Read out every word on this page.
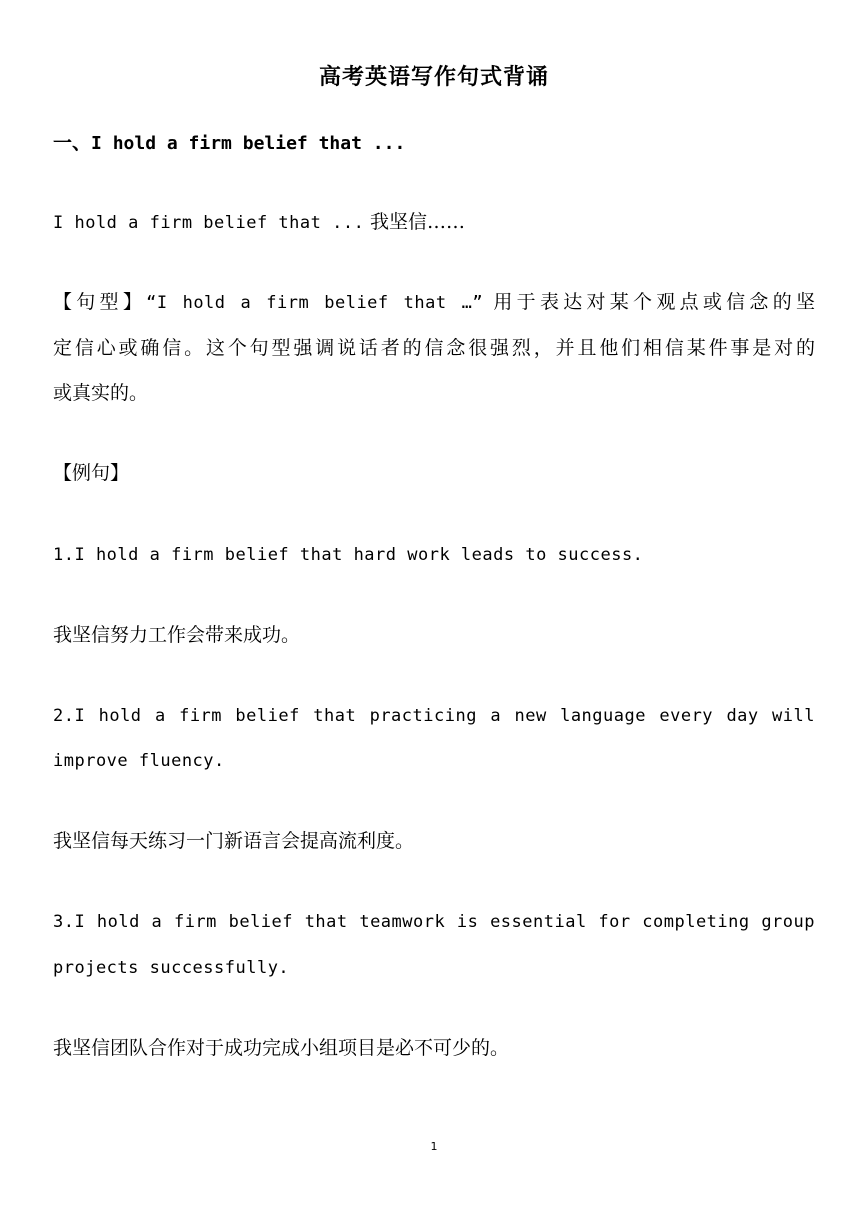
高考英语写作句式背诵
一、I hold a firm belief that ...
I hold a firm belief that ... 我坚信……
【句型】“I hold a firm belief that …” 用于表达对某个观点或信念的坚
定信心或确信。这个句型强调说话者的信念很强烈，并且他们相信某件事是对的
或真实的。
【例句】
1.I hold a firm belief that hard work leads to success.
我坚信努力工作会带来成功。
2.I hold a firm belief that practicing a new language every day will
improve fluency.
我坚信每天练习一门新语言会提高流利度。
3.I hold a firm belief that teamwork is essential for completing group
projects successfully.
我坚信团队合作对于成功完成小组项目是必不可少的。
1
